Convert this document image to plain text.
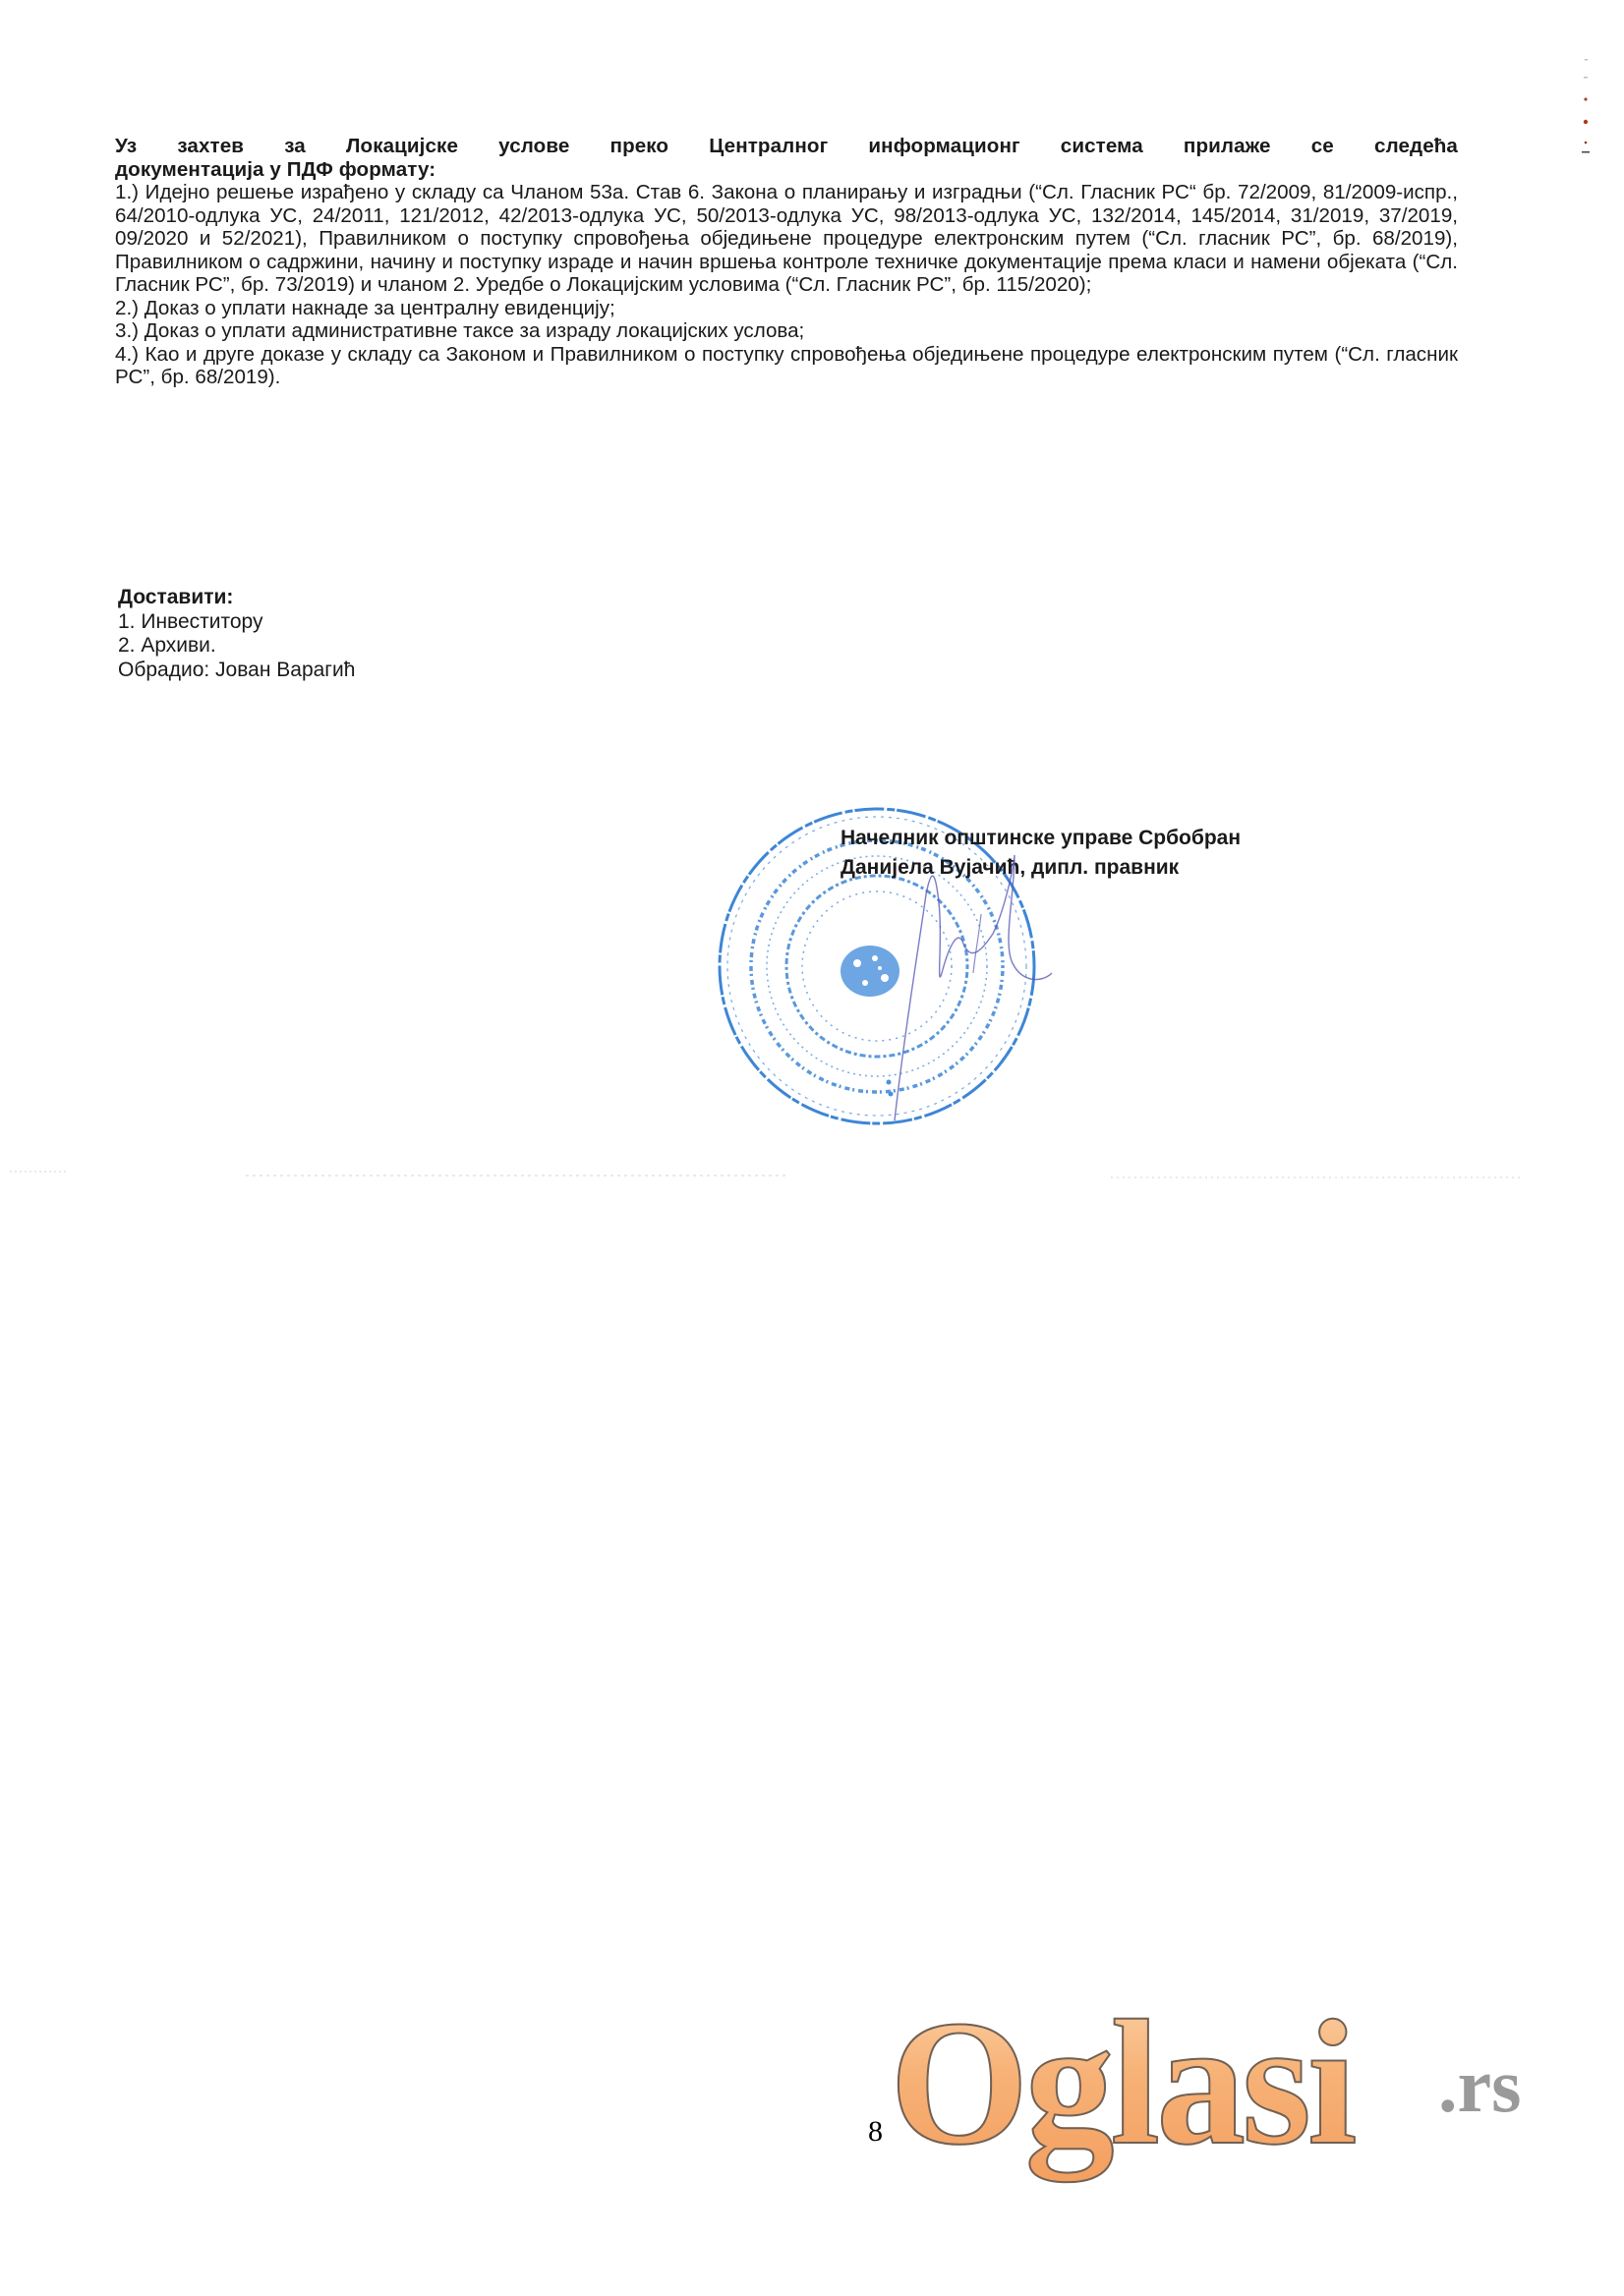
Уз захтев за Локацијске услове преко Централног информационг система прилаже се следећа
документација у ПДФ формату:

1.) Идејно решење израђено у складу са Чланом 53а. Став 6. Закона о планирању и изградњи (“Сл. Гласник РС“ бр. 72/2009, 81/2009-испр., 64/2010-одлука УС, 24/2011, 121/2012, 42/2013-одлука УС, 50/2013-одлука УС, 98/2013-одлука УС, 132/2014, 145/2014, 31/2019, 37/2019, 09/2020 и 52/2021), Правилником о поступку спровођења обједињене процедуре електронским путем (“Сл. гласник РС”, бр. 68/2019), Правилником о садржини, начину и поступку израде и начин вршења контроле техничке документације према класи и намени објеката (“Сл. Гласник РС”, бр. 73/2019) и чланом 2. Уредбе о Локацијским условима (“Сл. Гласник РС”, бр. 115/2020);

2.) Доказ о уплати накнаде за централну евиденцију;

3.) Доказ о уплати административне таксе за израду локацијских услова;

4.) Као и друге доказе у складу са Законом и Правилником о поступку спровођења обједињене процедуре електронским путем (“Сл. гласник РС”, бр. 68/2019).

Доставити:
1. Инвеститору
2. Архиви.
Обрадио: Јован Варагић
Начелник општинске управе Србобран
Данијела Вујачић, дипл. правник
8 Oglasi .rs
